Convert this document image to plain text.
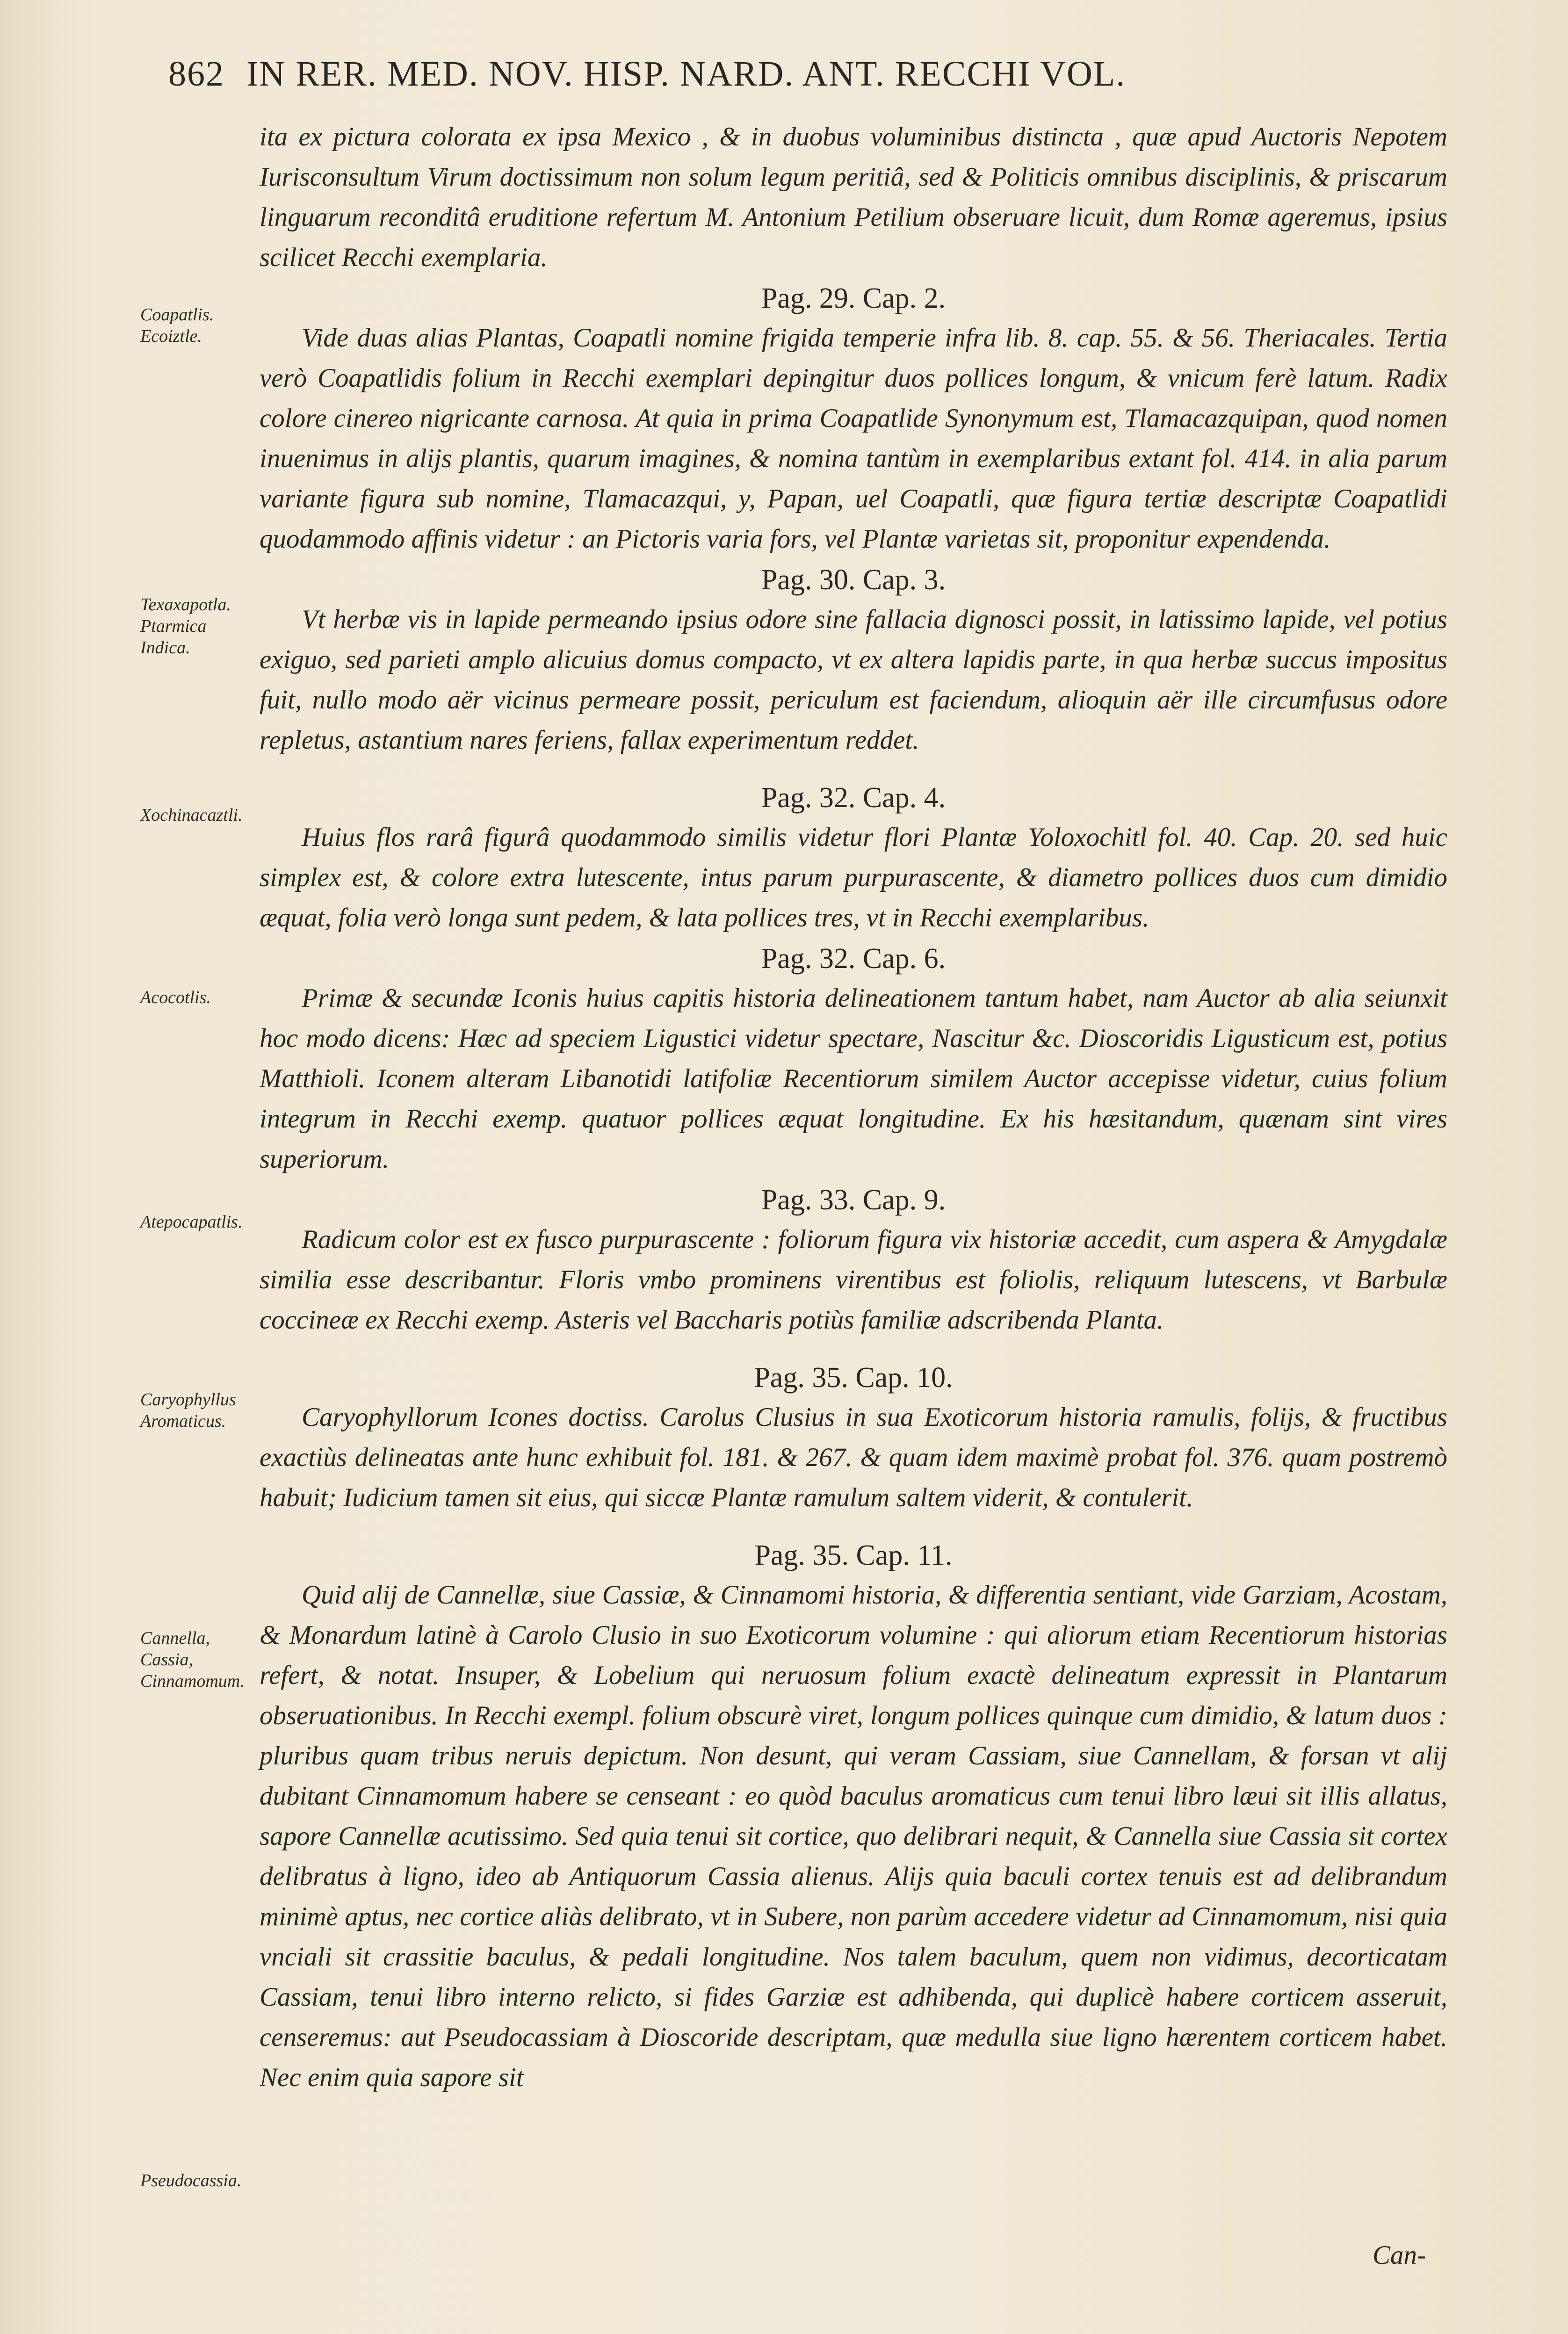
862 IN RER. MED. NOV. HISP. NARD. ANT. RECCHI VOL.
Coapatlis. Ecoiztle.
Texaxapotla. Ptarmica Indica.
Xochinacaztli.
Acocotlis.
Atepocapatlis.
Caryophyllus Aromaticus.
Cannella, Cassia, Cinnamomum.
Pseudocassia.

ita ex pictura colorata ex ipsa Mexico , & in duobus voluminibus distincta , quæ apud Auctoris Nepotem Iurisconsultum Virum doctissimum non solum legum peritiâ, sed & Politicis omnibus disciplinis, & priscarum linguarum reconditâ eruditione refertum M. Antonium Petilium obseruare licuit, dum Romæ ageremus, ipsius scilicet Recchi exemplaria.

Pag. 29. Cap. 2.

Vide duas alias Plantas, Coapatli nomine frigida temperie infra lib. 8. cap. 55. & 56. Theriacales. Tertia verò Coapatlidis folium in Recchi exemplari depingitur duos pollices longum, & vnicum ferè latum. Radix colore cinereo nigricante carnosa. At quia in prima Coapatlide Synonymum est, Tlamacazquipan, quod nomen inuenimus in alijs plantis, quarum imagines, & nomina tantùm in exemplaribus extant fol. 414. in alia parum variante figura sub nomine, Tlamacazqui, y, Papan, uel Coapatli, quæ figura tertiæ descriptæ Coapatlidi quodammodo affinis videtur : an Pictoris varia fors, vel Plantæ varietas sit, proponitur expendenda.

Pag. 30. Cap. 3.

Vt herbæ vis in lapide permeando ipsius odore sine fallacia dignosci possit, in latissimo lapide, vel potius exiguo, sed parieti amplo alicuius domus compacto, vt ex altera lapidis parte, in qua herbæ succus impositus fuit, nullo modo aër vicinus permeare possit, periculum est faciendum, alioquin aër ille circumfusus odore repletus, astantium nares feriens, fallax experimentum reddet.

Pag. 32. Cap. 4.

Huius flos rarâ figurâ quodammodo similis videtur flori Plantæ Yoloxochitl fol. 40. Cap. 20. sed huic simplex est, & colore extra lutescente, intus parum purpurascente, & diametro pollices duos cum dimidio æquat, folia verò longa sunt pedem, & lata pollices tres, vt in Recchi exemplaribus.

Pag. 32. Cap. 6.

Primæ & secundæ Iconis huius capitis historia delineationem tantum habet, nam Auctor ab alia seiunxit hoc modo dicens: Hæc ad speciem Ligustici videtur spectare, Nascitur &c. Dioscoridis Ligusticum est, potius Matthioli. Iconem alteram Libanotidi latifoliæ Recentiorum similem Auctor accepisse videtur, cuius folium integrum in Recchi exemp. quatuor pollices æquat longitudine. Ex his hæsitandum, quænam sint vires superiorum.

Pag. 33. Cap. 9.

Radicum color est ex fusco purpurascente : foliorum figura vix historiæ accedit, cum aspera & Amygdalæ similia esse describantur. Floris vmbo prominens virentibus est foliolis, reliquum lutescens, vt Barbulæ coccineæ ex Recchi exemp. Asteris vel Baccharis potiùs familiæ adscribenda Planta.

Pag. 35. Cap. 10.

Caryophyllorum Icones doctiss. Carolus Clusius in sua Exoticorum historia ramulis, folijs, & fructibus exactiùs delineatas ante hunc exhibuit fol. 181. & 267. & quam idem maximè probat fol. 376. quam postremò habuit; Iudicium tamen sit eius, qui siccæ Plantæ ramulum saltem viderit, & contulerit.

Pag. 35. Cap. 11.

Quid alij de Cannellæ, siue Cassiæ, & Cinnamomi historia, & differentia sentiant, vide Garziam, Acostam, & Monardum latinè à Carolo Clusio in suo Exoticorum volumine : qui aliorum etiam Recentiorum historias refert, & notat. Insuper, & Lobelium qui neruosum folium exactè delineatum expressit in Plantarum obseruationibus. In Recchi exempl. folium obscurè viret, longum pollices quinque cum dimidio, & latum duos : pluribus quam tribus neruis depictum. Non desunt, qui veram Cassiam, siue Cannellam, & forsan vt alij dubitant Cinnamomum habere se censeant : eo quòd baculus aromaticus cum tenui libro læui sit illis allatus, sapore Cannellæ acutissimo. Sed quia tenui sit cortice, quo delibrari nequit, & Cannella siue Cassia sit cortex delibratus à ligno, ideo ab Antiquorum Cassia alienus. Alijs quia baculi cortex tenuis est ad delibrandum minimè aptus, nec cortice aliàs delibrato, vt in Subere, non parùm accedere videtur ad Cinnamomum, nisi quia vnciali sit crassitie baculus, & pedali longitudine. Nos talem baculum, quem non vidimus, decorticatam Cassiam, tenui libro interno relicto, si fides Garziæ est adhibenda, qui duplicè habere corticem asseruit, censeremus: aut Pseudocassiam à Dioscoride descriptam, quæ medulla siue ligno hærentem corticem habet. Nec enim quia sapore sit

Can-
